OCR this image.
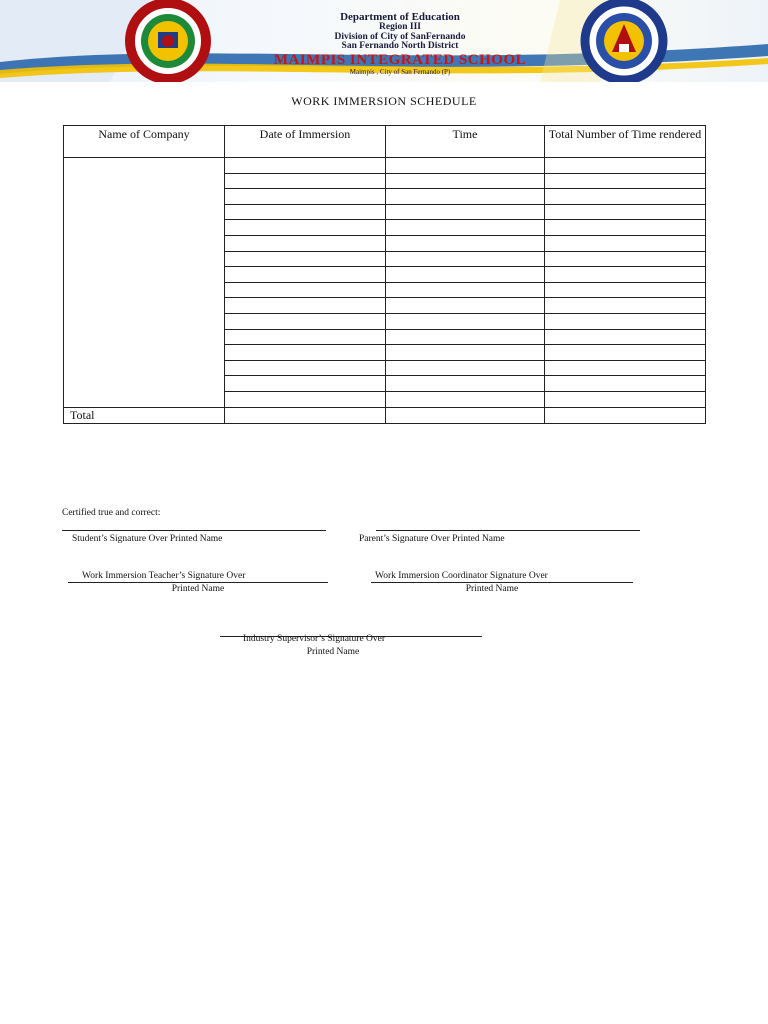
Department of Education
Region III
Division of City of SanFernando
San Fernando North District
MAIMPIS INTEGRATED SCHOOL
Maimpis , City of San Fernando (P)
WORK IMMERSION SCHEDULE
Name of Company	Date of Immersion	Time	Total Number of Time rendered

Total			
Certified true and correct:
Student’s Signature Over Printed Name	Parent’s Signature Over Printed Name
Work Immersion Teacher’s Signature Over
Printed Name
Work Immersion Coordinator Signature Over
Printed Name
Industry Supervisor’s Signature Over
Printed Name
